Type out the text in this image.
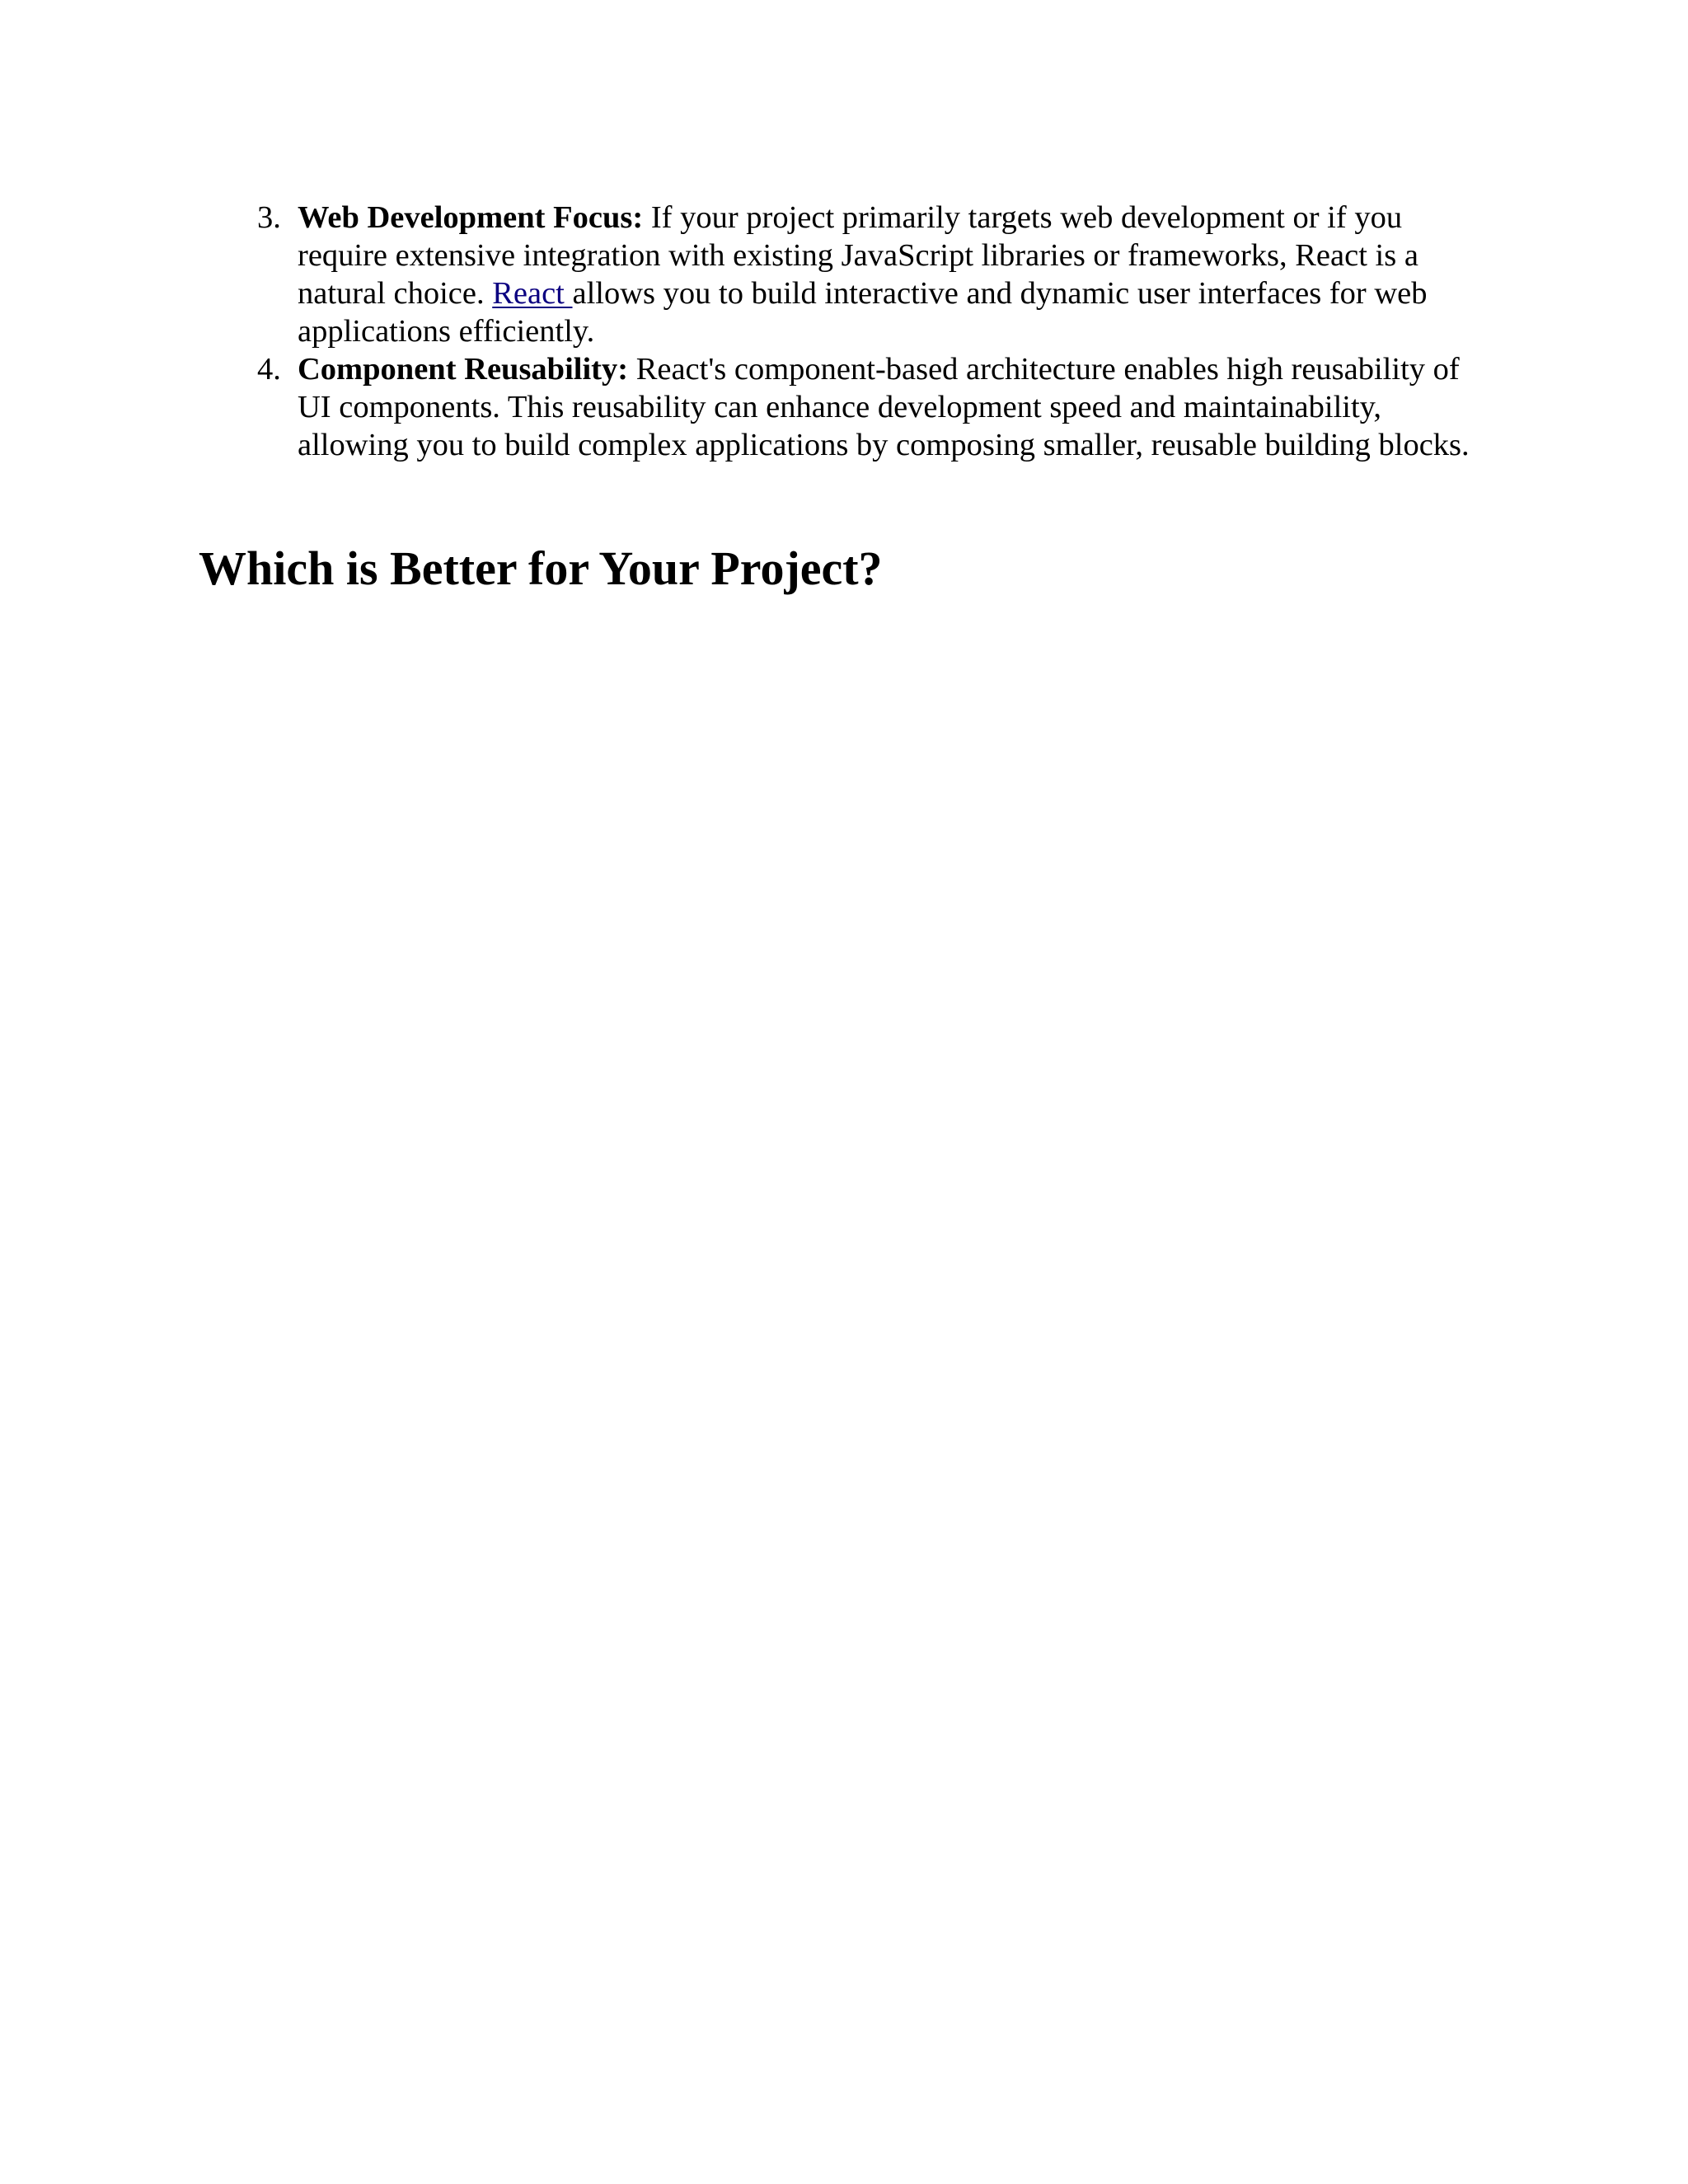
3. Web Development Focus: If your project primarily targets web development or if you require extensive integration with existing JavaScript libraries or frameworks, React is a natural choice. React allows you to build interactive and dynamic user interfaces for web applications efficiently.
4. Component Reusability: React's component-based architecture enables high reusability of UI components. This reusability can enhance development speed and maintainability, allowing you to build complex applications by composing smaller, reusable building blocks.
Which is Better for Your Project?
